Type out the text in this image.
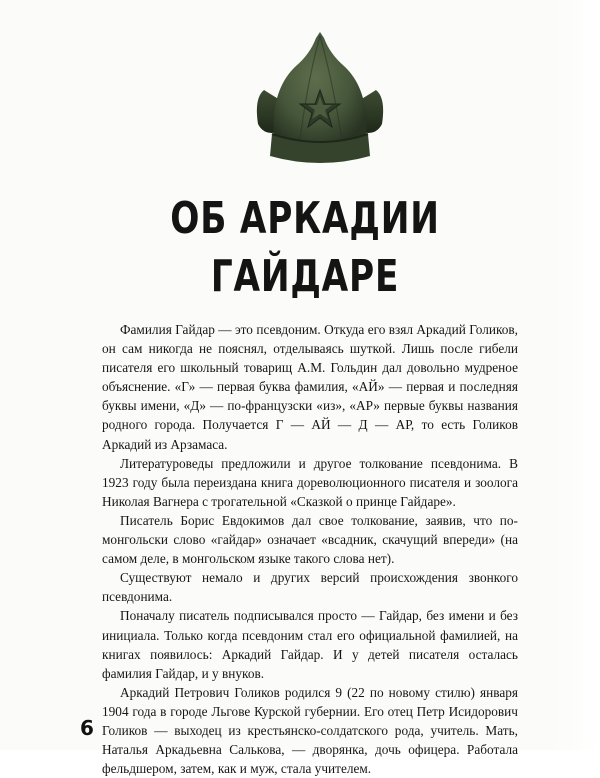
ОБ АРКАДИИ
ГАЙДАРЕ

Фамилия Гайдар — это псевдоним. Откуда его взял Аркадий Голиков, он сам никогда не пояснял, отделываясь шуткой. Лишь после гибели писателя его школьный товарищ А.М. Гольдин дал довольно мудреное объяснение. «Г» — первая буква фамилия, «АЙ» — первая и последняя буквы имени, «Д» — по-французски «из», «АР» первые буквы названия родного города. Получается Г — АЙ — Д — АР, то есть Голиков Аркадий из Арзамаса.

Литературоведы предложили и другое толкование псевдонима. В 1923 году была переиздана книга дореволюционного писателя и зоолога Николая Вагнера с трогательной «Сказкой о принце Гайдаре».

Писатель Борис Евдокимов дал свое толкование, заявив, что по-монгольски слово «гайдар» означает «всадник, скачущий впереди» (на самом деле, в монгольском языке такого слова нет).

Существуют немало и других версий происхождения звонкого псевдонима.

Поначалу писатель подписывался просто — Гайдар, без имени и без инициала. Только когда псевдоним стал его официальной фамилией, на книгах появилось: Аркадий Гайдар. И у детей писателя осталась фамилия Гайдар, и у внуков.

Аркадий Петрович Голиков родился 9 (22 по новому стилю) января 1904 года в городе Льгове Курской губернии. Его отец Петр Исидорович Голиков — выходец из крестьянско-солдатского рода, учитель. Мать, Наталья Аркадьевна Салькова, — дворянка, дочь офицера. Работала фельдшером, затем, как и муж, стала учителем.

6
